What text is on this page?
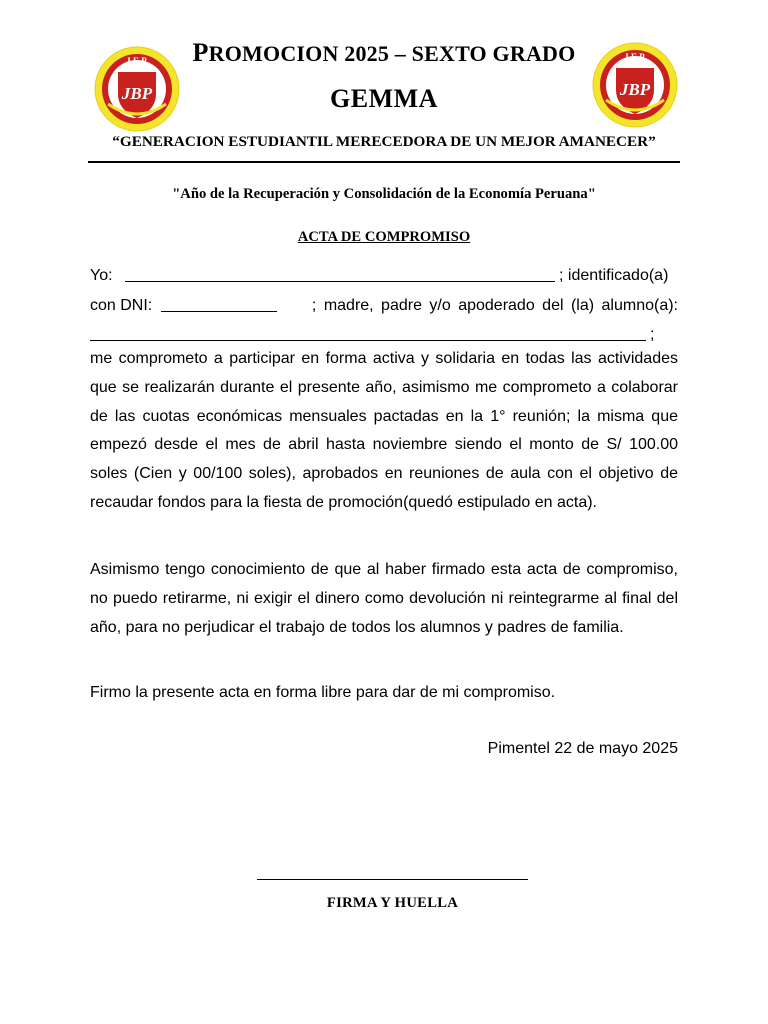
I E P
JBP
I E P
JBP
PROMOCION 2025 – SEXTO GRADO
GEMMA
“GENERACION ESTUDIANTIL MERECEDORA DE UN MEJOR AMANECER”
"Año de la Recuperación y Consolidación de la Economía Peruana"
ACTA DE COMPROMISO
Yo:	; identificado(a)
con DNI:	; madre, padre y/o apoderado del (la) alumno(a):
;
me comprometo a participar en forma activa y solidaria en todas las actividades que se realizarán durante el presente año, asimismo me comprometo a colaborar de las cuotas económicas mensuales pactadas en la 1° reunión; la misma que empezó desde el mes de abril hasta noviembre siendo el monto de S/ 100.00 soles (Cien y 00/100 soles), aprobados en reuniones de aula con el objetivo de recaudar fondos para la fiesta de promoción(quedó estipulado en acta).
Asimismo tengo conocimiento de que al haber firmado esta acta de compromiso, no puedo retirarme, ni exigir el dinero como devolución ni reintegrarme al final del año, para no perjudicar el trabajo de todos los alumnos y padres de familia.
Firmo la presente acta en forma libre para dar de mi compromiso.
Pimentel 22 de mayo 2025
FIRMA Y HUELLA
